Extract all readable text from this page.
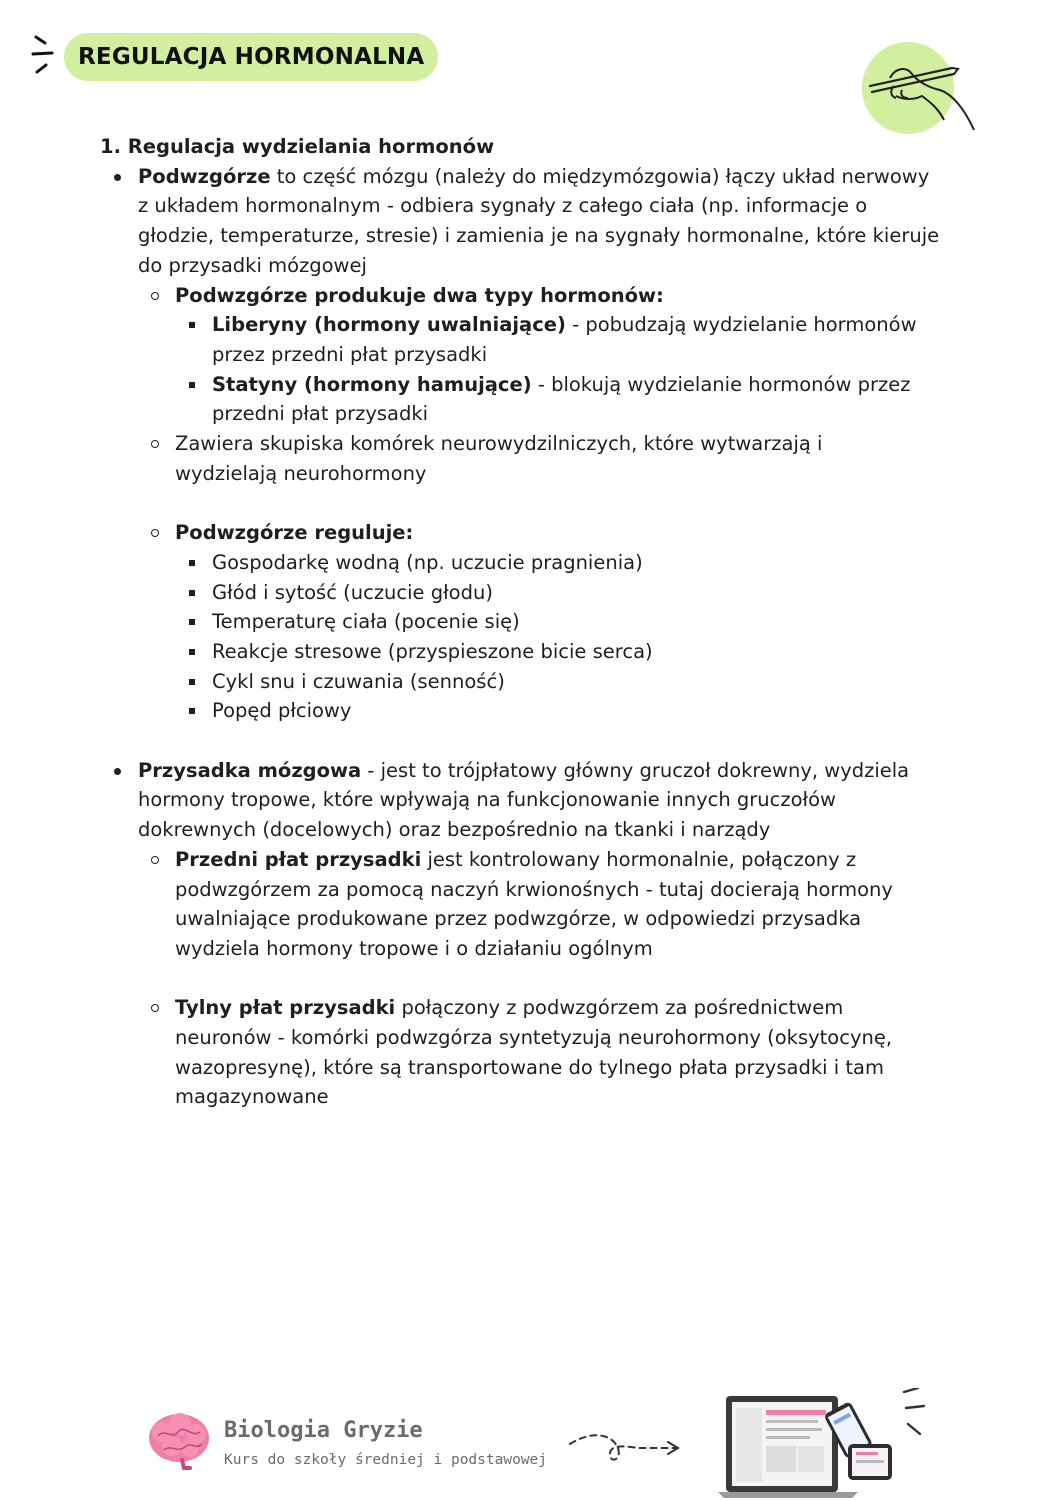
REGULACJA HORMONALNA

1. Regulacja wydzielania hormonów

Podwzgórze to część mózgu (należy do międzymózgowia) łączy układ nerwowy
z układem hormonalnym - odbiera sygnały z całego ciała (np. informacje o
głodzie, temperaturze, stresie) i zamienia je na sygnały hormonalne, które kieruje
do przysadki mózgowej
Podwzgórze produkuje dwa typy hormonów:
Liberyny (hormony uwalniające) - pobudzają wydzielanie hormonów
przez przedni płat przysadki
Statyny (hormony hamujące) - blokują wydzielanie hormonów przez
przedni płat przysadki
Zawiera skupiska komórek neurowydzilniczych, które wytwarzają i
wydzielają neurohormony
Podwzgórze reguluje:
Gospodarkę wodną (np. uczucie pragnienia)
Głód i sytość (uczucie głodu)
Temperaturę ciała (pocenie się)
Reakcje stresowe (przyspieszone bicie serca)
Cykl snu i czuwania (senność)
Popęd płciowy
Przysadka mózgowa - jest to trójpłatowy główny gruczoł dokrewny, wydziela
hormony tropowe, które wpływają na funkcjonowanie innych gruczołów
dokrewnych (docelowych) oraz bezpośrednio na tkanki i narządy
Przedni płat przysadki jest kontrolowany hormonalnie, połączony z
podwzgórzem za pomocą naczyń krwionośnych - tutaj docierają hormony
uwalniające produkowane przez podwzgórze, w odpowiedzi przysadka
wydziela hormony tropowe i o działaniu ogólnym
Tylny płat przysadki połączony z podwzgórzem za pośrednictwem
neuronów - komórki podwzgórza syntetyzują neurohormony (oksytocynę,
wazopresynę), które są transportowane do tylnego płata przysadki i tam
magazynowane
Biologia Gryzie
Kurs do szkoły średniej i podstawowej
